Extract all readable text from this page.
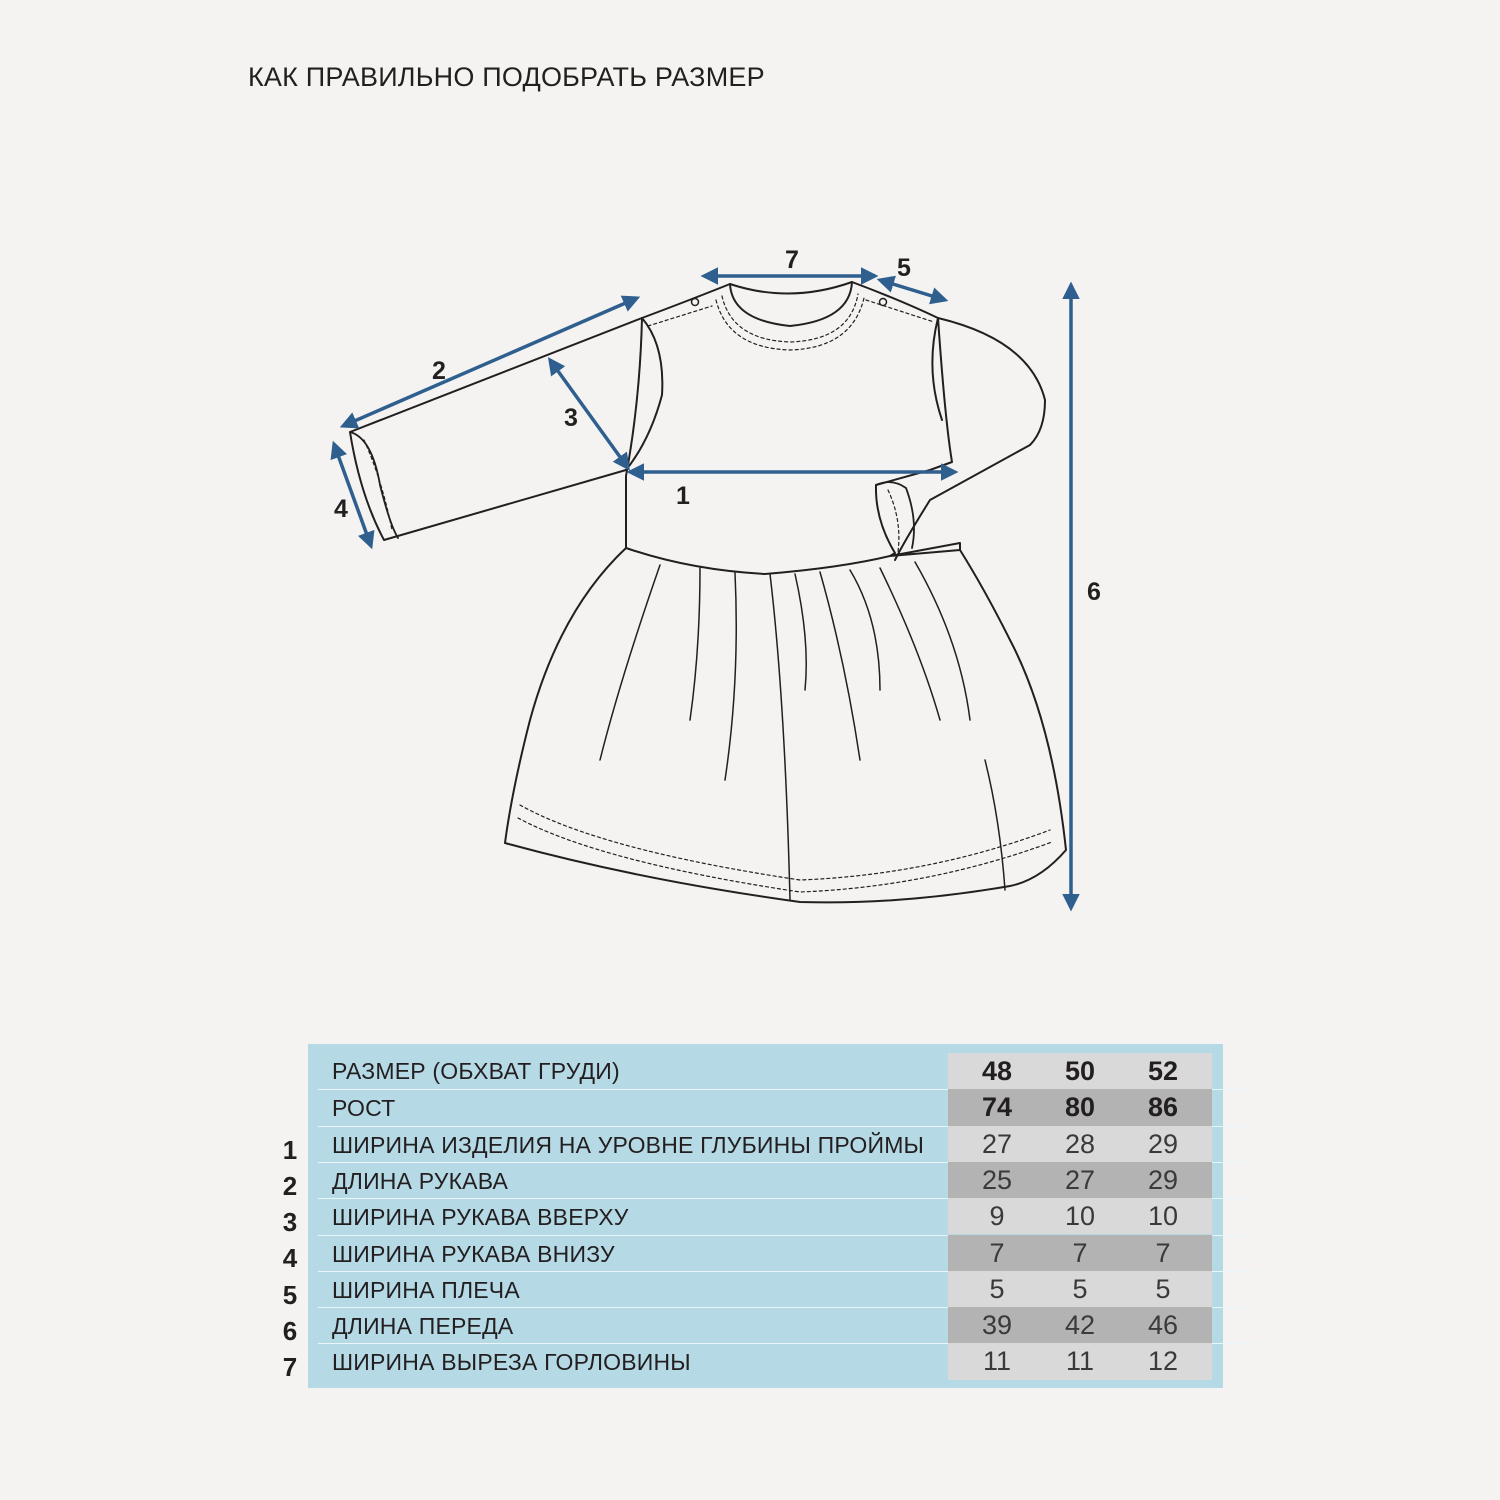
КАК ПРАВИЛЬНО ПОДОБРАТЬ РАЗМЕР
1
2
3
4
5
6
7
РАЗМЕР (ОБХВАТ ГРУДИ)	48	50	52
РОСТ	74	80	86
ШИРИНА ИЗДЕЛИЯ НА УРОВНЕ ГЛУБИНЫ ПРОЙМЫ	27	28	29
ДЛИНА РУКАВА	25	27	29
ШИРИНА РУКАВА ВВЕРХУ	9	10	10
ШИРИНА РУКАВА ВНИЗУ	7	7	7
ШИРИНА ПЛЕЧА	5	5	5
ДЛИНА ПЕРЕДА	39	42	46
ШИРИНА ВЫРЕЗА ГОРЛОВИНЫ	11	11	12
1
2
3
4
5
6
7
